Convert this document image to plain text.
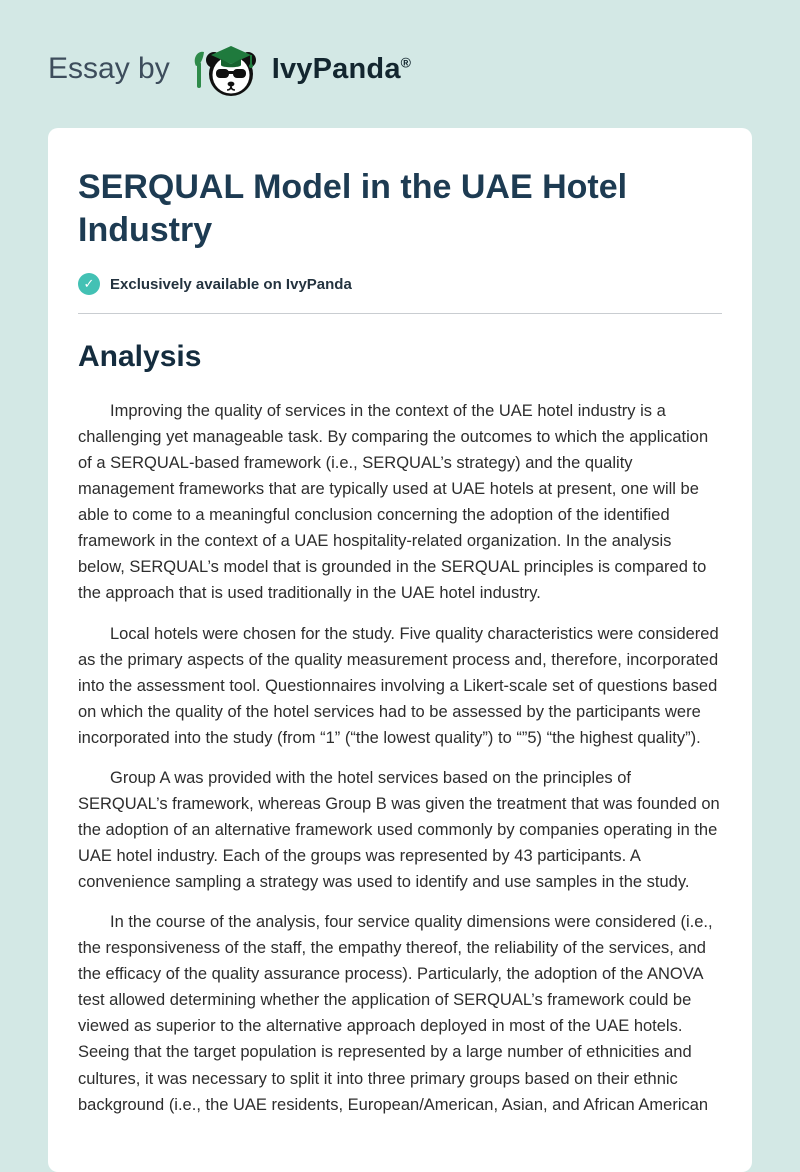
Essay by	IvyPanda®
SERQUAL Model in the UAE Hotel Industry
✓	Exclusively available on IvyPanda
Analysis

Improving the quality of services in the context of the UAE hotel industry is a challenging yet manageable task. By comparing the outcomes to which the application of a SERQUAL-based framework (i.e., SERQUAL’s strategy) and the quality management frameworks that are typically used at UAE hotels at present, one will be able to come to a meaningful conclusion concerning the adoption of the identified framework in the context of a UAE hospitality-related organization. In the analysis below, SERQUAL’s model that is grounded in the SERQUAL principles is compared to the approach that is used traditionally in the UAE hotel industry.

Local hotels were chosen for the study. Five quality characteristics were considered as the primary aspects of the quality measurement process and, therefore, incorporated into the assessment tool. Questionnaires involving a Likert-scale set of questions based on which the quality of the hotel services had to be assessed by the participants were incorporated into the study (from “1” (“the lowest quality”) to “”5) “the highest quality”).

Group A was provided with the hotel services based on the principles of SERQUAL’s framework, whereas Group B was given the treatment that was founded on the adoption of an alternative framework used commonly by companies operating in the UAE hotel industry. Each of the groups was represented by 43 participants. A convenience sampling a strategy was used to identify and use samples in the study.

In the course of the analysis, four service quality dimensions were considered (i.e., the responsiveness of the staff, the empathy thereof, the reliability of the services, and the efficacy of the quality assurance process). Particularly, the adoption of the ANOVA test allowed determining whether the application of SERQUAL’s framework could be viewed as superior to the alternative approach deployed in most of the UAE hotels. Seeing that the target population is represented by a large number of ethnicities and cultures, it was necessary to split it into three primary groups based on their ethnic background (i.e., the UAE residents, European/American, Asian, and African American
